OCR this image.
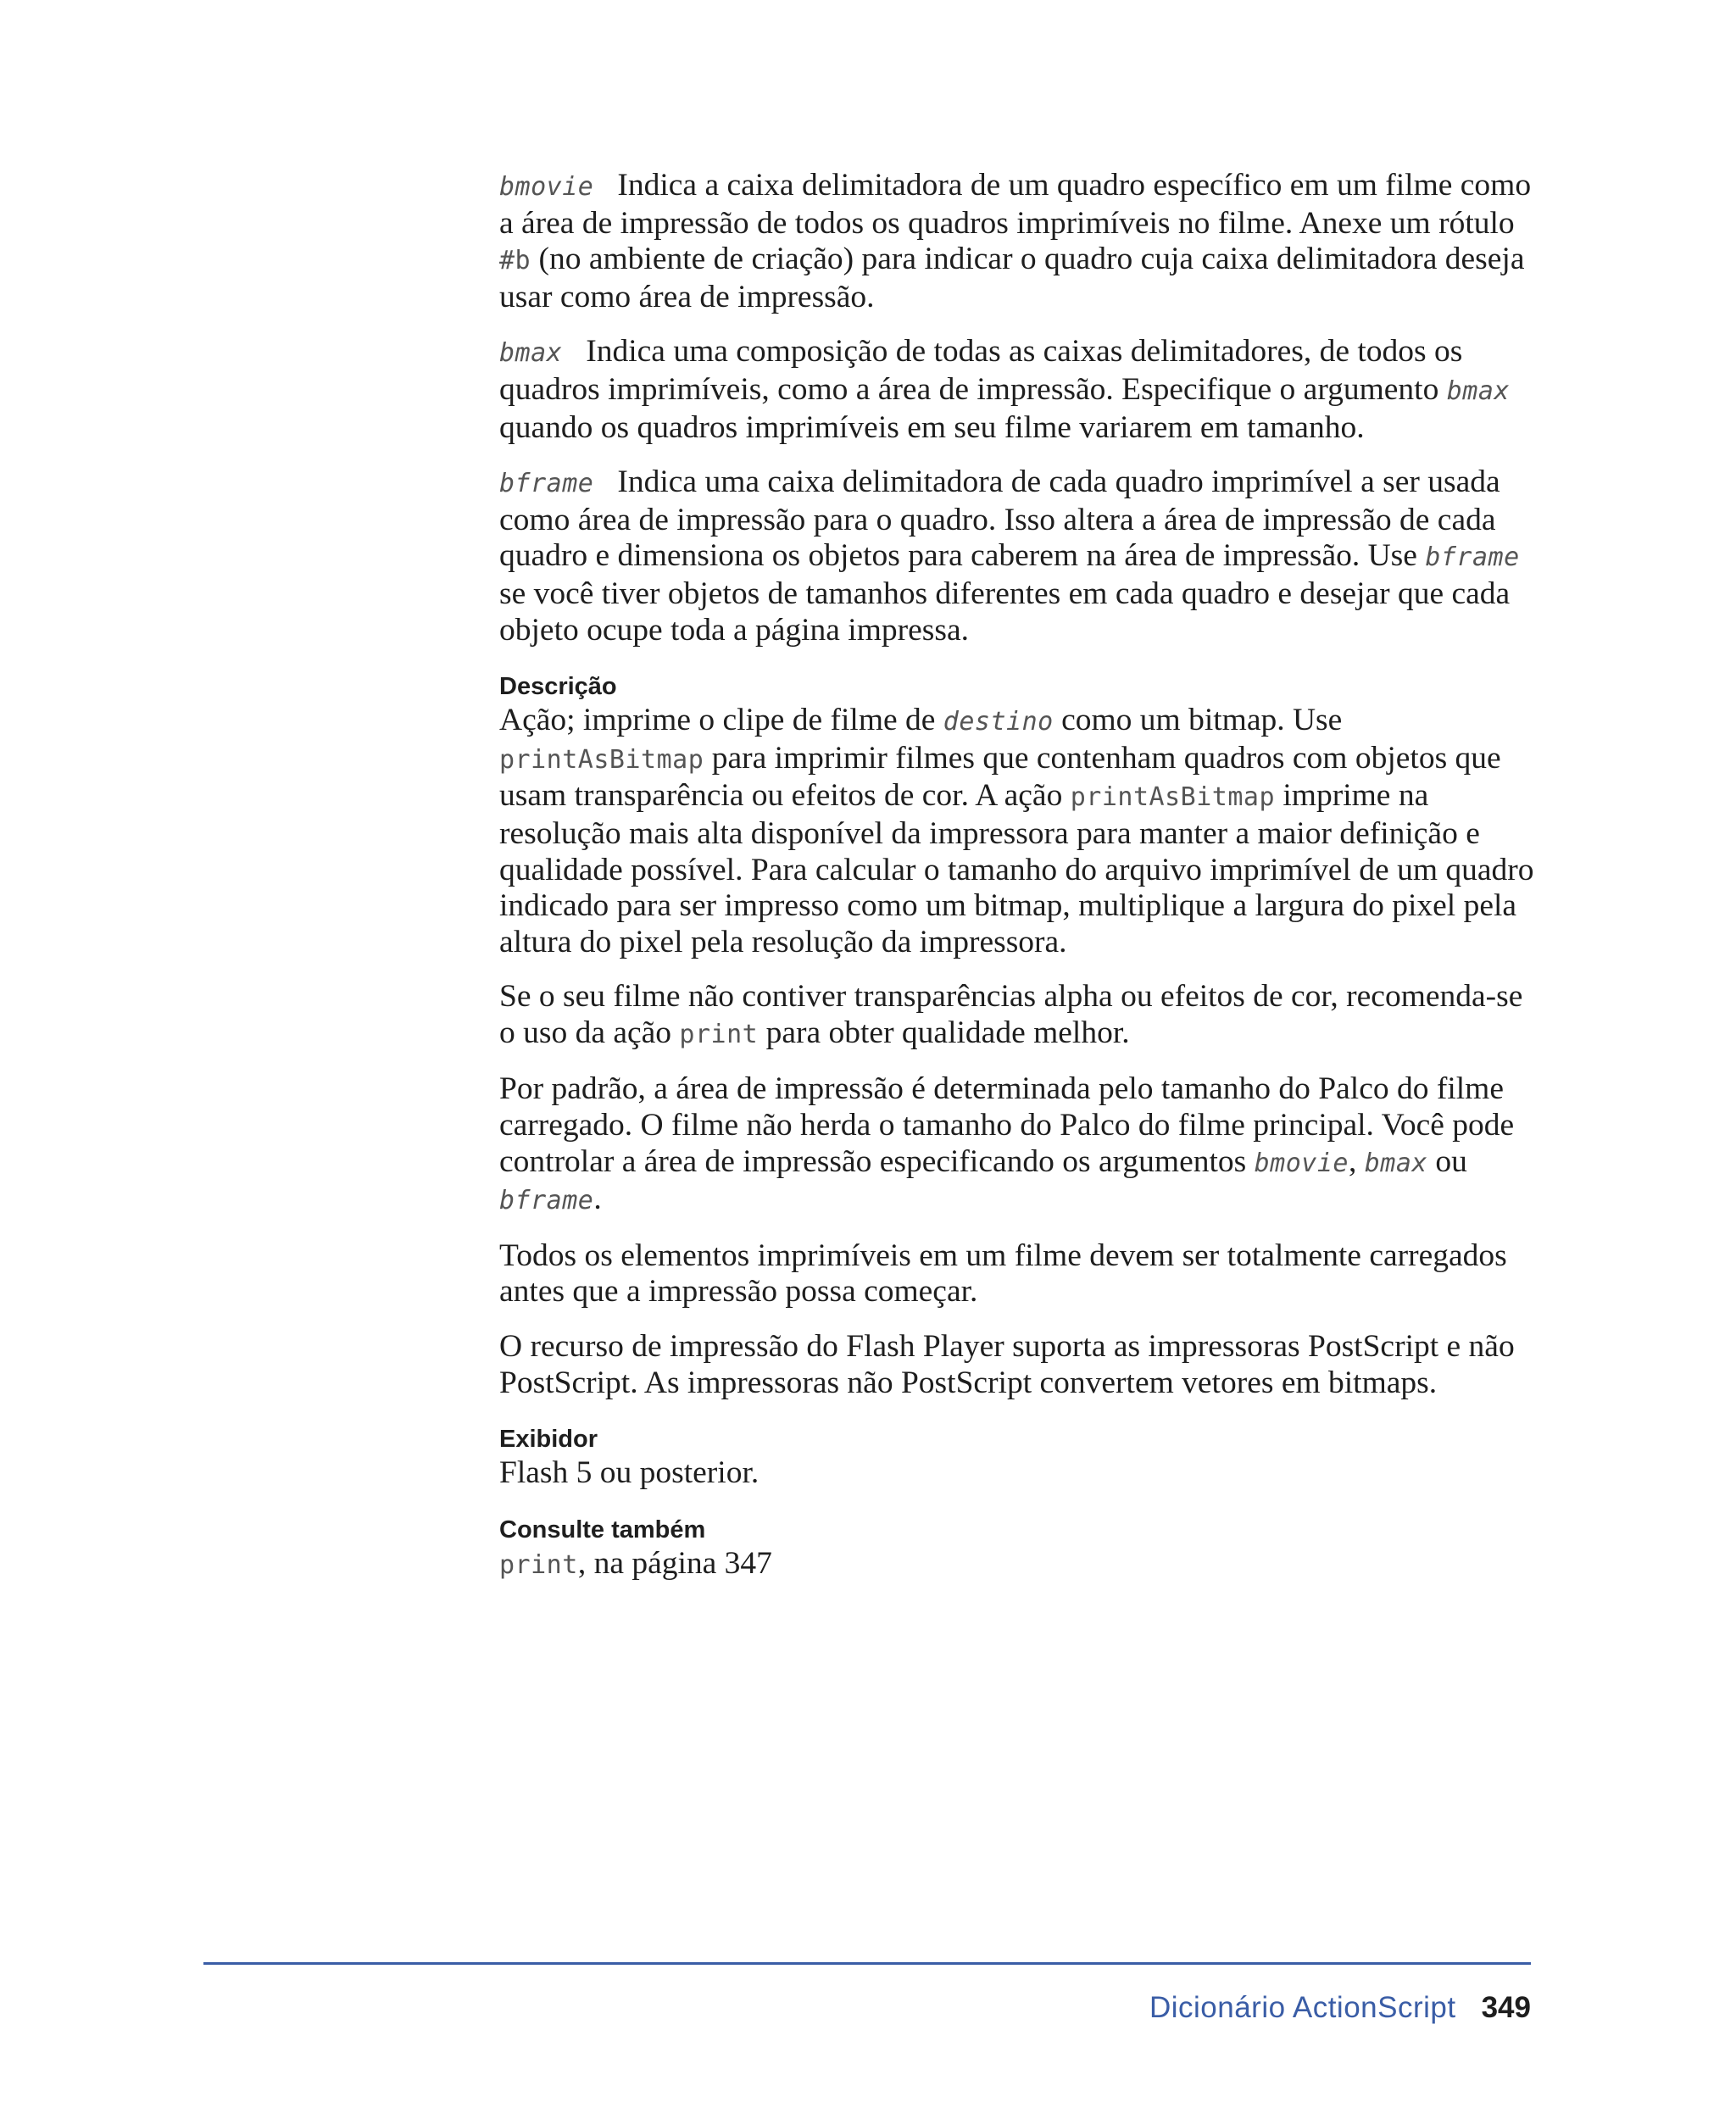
bmovie Indica a caixa delimitadora de um quadro específico em um filme como a área de impressão de todos os quadros imprimíveis no filme. Anexe um rótulo #b (no ambiente de criação) para indicar o quadro cuja caixa delimitadora deseja usar como área de impressão.

bmax Indica uma composição de todas as caixas delimitadores, de todos os quadros imprimíveis, como a área de impressão. Especifique o argumento bmax quando os quadros imprimíveis em seu filme variarem em tamanho.

bframe Indica uma caixa delimitadora de cada quadro imprimível a ser usada como área de impressão para o quadro. Isso altera a área de impressão de cada quadro e dimensiona os objetos para caberem na área de impressão. Use bframe se você tiver objetos de tamanhos diferentes em cada quadro e desejar que cada objeto ocupe toda a página impressa.

Descrição

Ação; imprime o clipe de filme de destino como um bitmap. Use printAsBitmap para imprimir filmes que contenham quadros com objetos que usam transparência ou efeitos de cor. A ação printAsBitmap imprime na resolução mais alta disponível da impressora para manter a maior definição e qualidade possível. Para calcular o tamanho do arquivo imprimível de um quadro indicado para ser impresso como um bitmap, multiplique a largura do pixel pela altura do pixel pela resolução da impressora.

Se o seu filme não contiver transparências alpha ou efeitos de cor, recomenda-se o uso da ação print para obter qualidade melhor.

Por padrão, a área de impressão é determinada pelo tamanho do Palco do filme carregado. O filme não herda o tamanho do Palco do filme principal. Você pode controlar a área de impressão especificando os argumentos bmovie, bmax ou bframe.

Todos os elementos imprimíveis em um filme devem ser totalmente carregados antes que a impressão possa começar.

O recurso de impressão do Flash Player suporta as impressoras PostScript e não PostScript. As impressoras não PostScript convertem vetores em bitmaps.

Exibidor

Flash 5 ou posterior.

Consulte também

print, na página 347

Dicionário ActionScript 349
